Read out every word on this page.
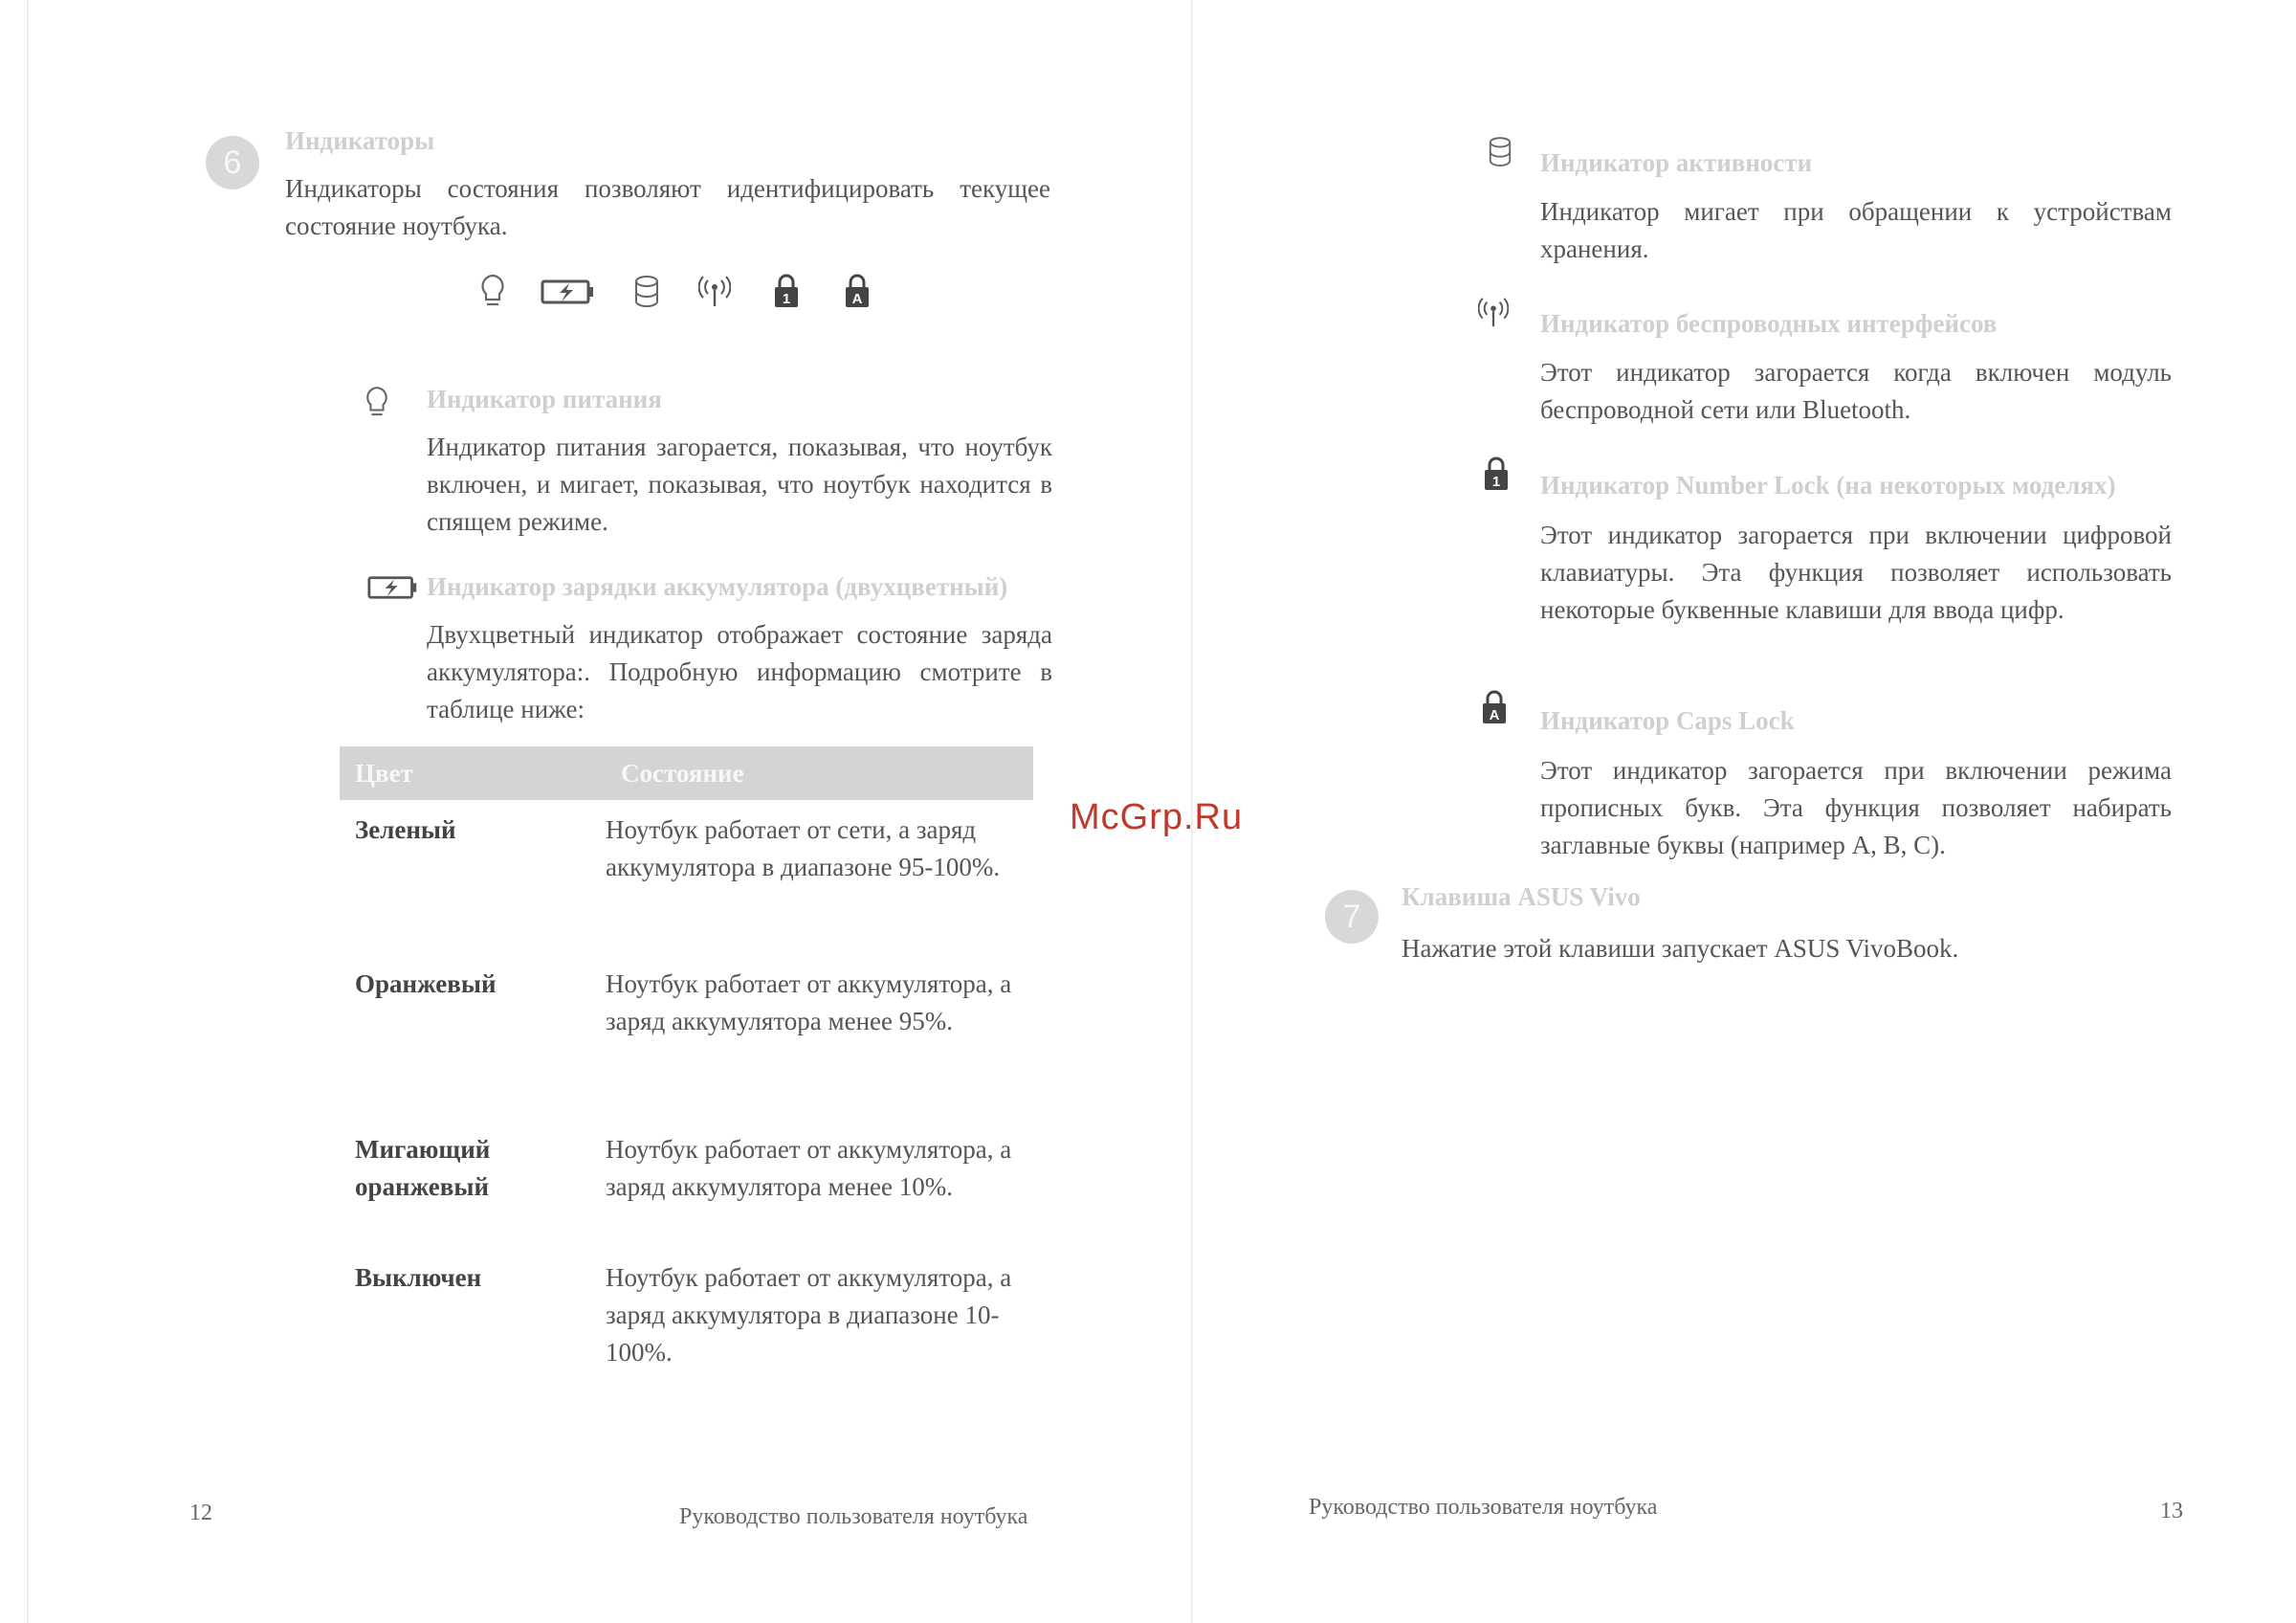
6
Индикаторы
Индикаторы состояния позволяют идентифицировать текущее состояние ноутбука.
1	A
Индикатор питания
Индикатор питания загорается, показывая, что ноутбук включен, и мигает, показывая, что ноутбук находится в спящем режиме.
Индикатор зарядки аккумулятора (двухцветный)
Двухцветный индикатор отображает состояние заряда аккумулятора:. Подробную информацию смотрите в таблице ниже:
Цвет	Состояние
Зеленый	Ноутбук работает от сети, а заряд аккумулятора в диапазоне 95-100%.
Оранжевый	Ноутбук работает от аккумулятора, а заряд аккумулятора менее 95%.
Мигающий оранжевый	Ноутбук работает от аккумулятора, а заряд аккумулятора менее 10%.
Выключен	Ноутбук работает от аккумулятора, а заряд аккумулятора в диапазоне 10-100%.
12	Руководство пользователя ноутбука
McGrp.Ru
Индикатор активности
Индикатор мигает при обращении к устройствам хранения.
Индикатор беспроводных интерфейсов
Этот индикатор загорается когда включен модуль беспроводной сети или Bluetooth.
1 Индикатор Number Lock (на некоторых моделях)
Этот индикатор загорается при включении цифровой клавиатуры. Эта функция позволяет использовать некоторые буквенные клавиши для ввода цифр.
A Индикатор Caps Lock
Этот индикатор загорается при включении режима прописных букв. Эта функция позволяет набирать заглавные буквы (например A, B, C).
7
Клавиша ASUS Vivo
Нажатие этой клавиши запускает ASUS VivoBook.
Руководство пользователя ноутбука	13
